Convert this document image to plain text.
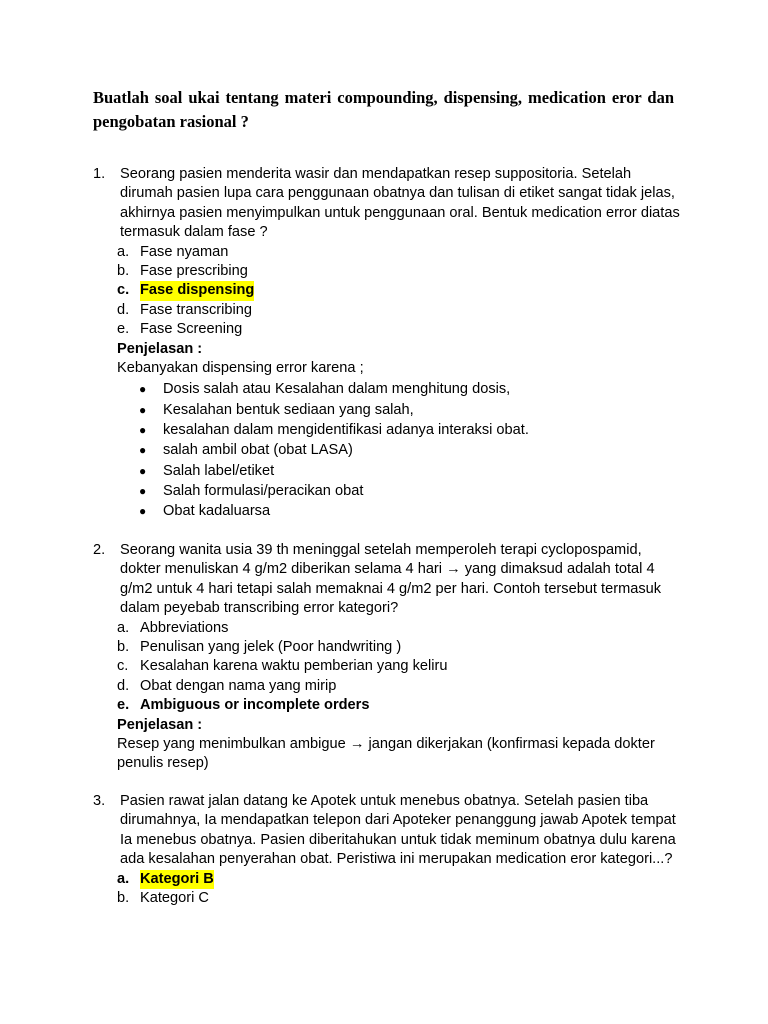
Buatlah soal ukai tentang materi compounding, dispensing, medication eror dan pengobatan rasional ?
1.	Seorang pasien menderita wasir dan mendapatkan resep suppositoria. Setelah dirumah pasien lupa cara penggunaan obatnya dan tulisan di etiket sangat tidak jelas, akhirnya pasien menyimpulkan untuk penggunaan oral. Bentuk medication error diatas termasuk dalam fase ?
a. Fase nyaman
b. Fase prescribing
c. Fase dispensing
d. Fase transcribing
e. Fase Screening
Penjelasan :
Kebanyakan dispensing error karena ;
●	Dosis salah atau Kesalahan dalam menghitung dosis,
●	Kesalahan bentuk sediaan yang salah,
●	kesalahan dalam mengidentifikasi adanya interaksi obat.
●	salah ambil obat (obat LASA)
●	Salah label/etiket
●	Salah formulasi/peracikan obat
●	Obat kadaluarsa
2.	Seorang wanita usia 39 th meninggal setelah memperoleh terapi cyclopospamid, dokter menuliskan 4 g/m2 diberikan selama 4 hari → yang dimaksud adalah total 4 g/m2 untuk 4 hari tetapi salah memaknai 4 g/m2 per hari. Contoh tersebut termasuk dalam peyebab transcribing error kategori?
a. Abbreviations
b. Penulisan yang jelek (Poor handwriting )
c. Kesalahan karena waktu pemberian yang keliru
d. Obat dengan nama yang mirip
e. Ambiguous or incomplete orders
Penjelasan :
Resep yang menimbulkan ambigue → jangan dikerjakan (konfirmasi kepada dokter penulis resep)
3.	Pasien rawat jalan datang ke Apotek untuk menebus obatnya. Setelah pasien tiba dirumahnya, Ia mendapatkan telepon dari Apoteker penanggung jawab Apotek tempat Ia menebus obatnya. Pasien diberitahukan untuk tidak meminum obatnya dulu karena ada kesalahan penyerahan obat. Peristiwa ini merupakan medication eror kategori...?
a. Kategori B
b. Kategori C
